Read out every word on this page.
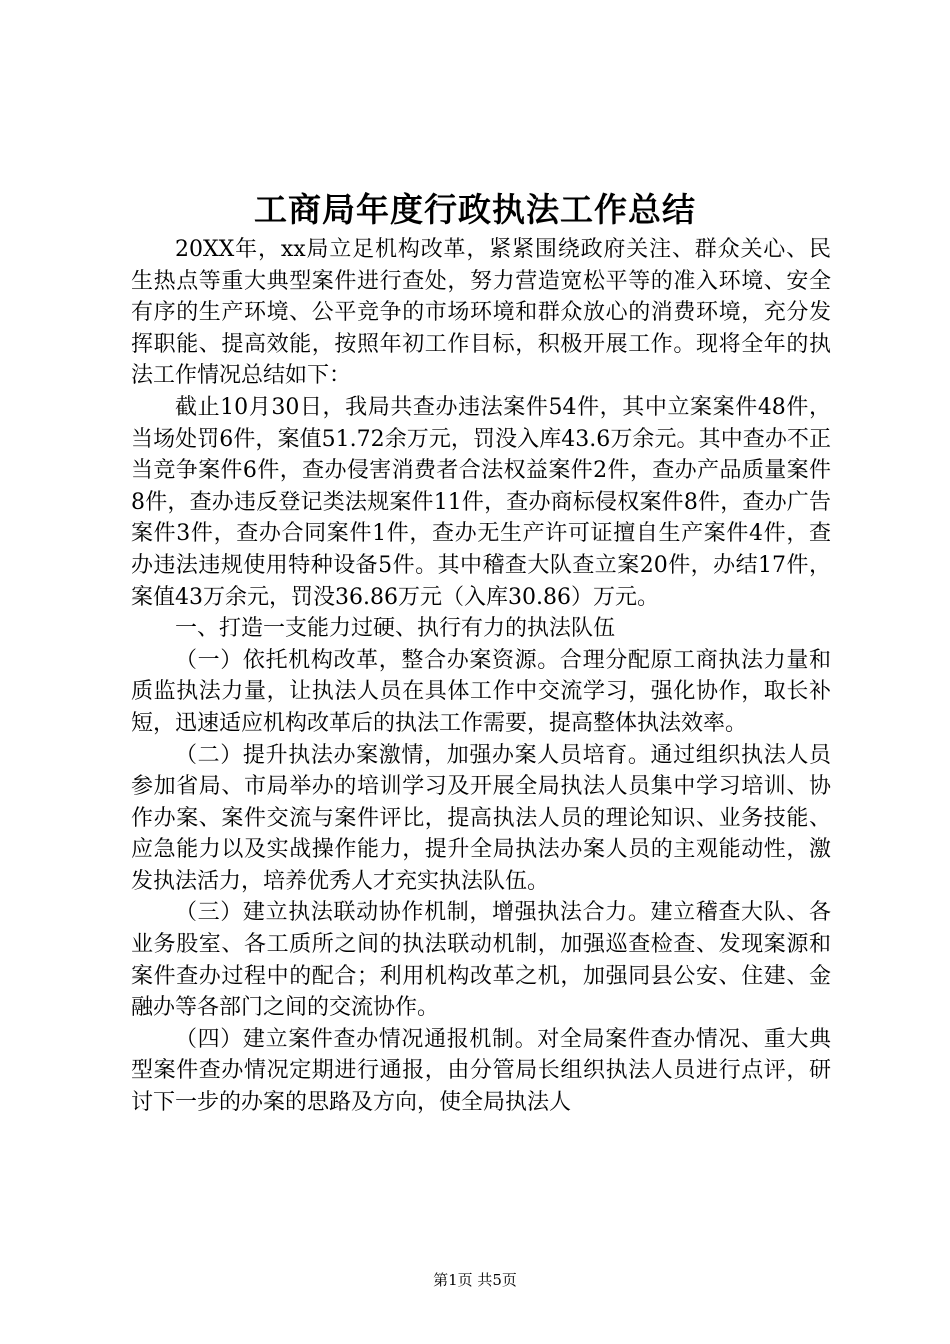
工商局年度行政执法工作总结

20XX年，xx局立足机构改革，紧紧围绕政府关注、群众关心、民生热点等重大典型案件进行查处，努力营造宽松平等的准入环境、安全有序的生产环境、公平竞争的市场环境和群众放心的消费环境，充分发挥职能、提高效能，按照年初工作目标，积极开展工作。现将全年的执法工作情况总结如下：

截止10月30日，我局共查办违法案件54件，其中立案案件48件，当场处罚6件，案值51.72余万元，罚没入库43.6万余元。其中查办不正当竞争案件6件，查办侵害消费者合法权益案件2件，查办产品质量案件8件，查办违反登记类法规案件11件，查办商标侵权案件8件，查办广告案件3件，查办合同案件1件，查办无生产许可证擅自生产案件4件，查办违法违规使用特种设备5件。其中稽查大队查立案20件，办结17件，案值43万余元，罚没36.86万元（入库30.86）万元。

一、打造一支能力过硬、执行有力的执法队伍

（一）依托机构改革，整合办案资源。合理分配原工商执法力量和质监执法力量，让执法人员在具体工作中交流学习，强化协作，取长补短，迅速适应机构改革后的执法工作需要，提高整体执法效率。

（二）提升执法办案激情，加强办案人员培育。通过组织执法人员参加省局、市局举办的培训学习及开展全局执法人员集中学习培训、协作办案、案件交流与案件评比，提高执法人员的理论知识、业务技能、应急能力以及实战操作能力，提升全局执法办案人员的主观能动性，激发执法活力，培养优秀人才充实执法队伍。

（三）建立执法联动协作机制，增强执法合力。建立稽查大队、各业务股室、各工质所之间的执法联动机制，加强巡查检查、发现案源和案件查办过程中的配合；利用机构改革之机，加强同县公安、住建、金融办等各部门之间的交流协作。

（四）建立案件查办情况通报机制。对全局案件查办情况、重大典型案件查办情况定期进行通报，由分管局长组织执法人员进行点评，研讨下一步的办案的思路及方向，使全局执法人

第1页 共5页
